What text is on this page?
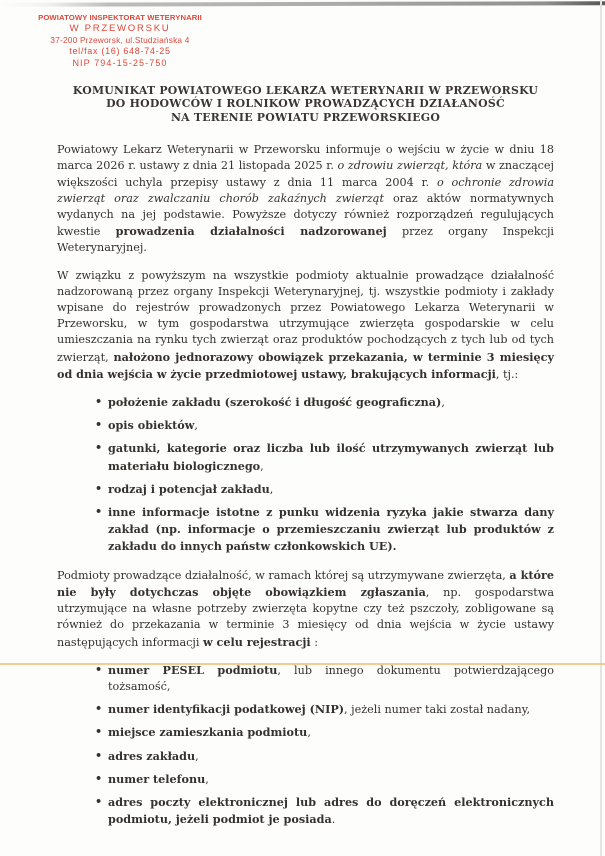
POWIATOWY INSPEKTORAT WETERYNARII
W PRZEWORSKU
37-200 Przeworsk, ul.Studziańska 4
tel/fax (16) 648-74-25
NIP 794-15-25-750
KOMUNIKAT POWIATOWEGO LEKARZA WETERYNARII W PRZEWORSKU
DO HODOWCÓW I ROLNIKOW PROWADZĄCYCH DZIAŁANOŚĆ
NA TERENIE POWIATU PRZEWORSKIEGO

Powiatowy Lekarz Weterynarii w Przeworsku informuje o wejściu w życie w dniu 18 marca 2026 r. ustawy z dnia 21 listopada 2025 r. o zdrowiu zwierząt, która w znaczącej większości uchyla przepisy ustawy z dnia 11 marca 2004 r. o ochronie zdrowia zwierząt oraz zwalczaniu chorób zakaźnych zwierząt oraz aktów normatywnych wydanych na jej podstawie. Powyższe dotyczy również rozporządzeń regulujących kwestie prowadzenia działalności nadzorowanej przez organy Inspekcji Weterynaryjnej.

W związku z powyższym na wszystkie podmioty aktualnie prowadzące działalność nadzorowaną przez organy Inspekcji Weterynaryjnej, tj. wszystkie podmioty i zakłady wpisane do rejestrów prowadzonych przez Powiatowego Lekarza Weterynarii w Przeworsku, w tym gospodarstwa utrzymujące zwierzęta gospodarskie w celu umieszczania na rynku tych zwierząt oraz produktów pochodzących z tych lub od tych zwierząt, nałożono jednorazowy obowiązek przekazania, w terminie 3 miesięcy od dnia wejścia w życie przedmiotowej ustawy, brakujących informacji, tj.:

• położenie zakładu (szerokość i długość geograficzna),
• opis obiektów,
• gatunki, kategorie oraz liczba lub ilość utrzymywanych zwierząt lub materiału biologicznego,
• rodzaj i potencjał zakładu,
• inne informacje istotne z punku widzenia ryzyka jakie stwarza dany zakład (np. informacje o przemieszczaniu zwierząt lub produktów z zakładu do innych państw członkowskich UE).

Podmioty prowadzące działalność, w ramach której są utrzymywane zwierzęta, a które nie były dotychczas objęte obowiązkiem zgłaszania, np. gospodarstwa utrzymujące na własne potrzeby zwierzęta kopytne czy też pszczoły, zobligowane są również do przekazania w terminie 3 miesięcy od dnia wejścia w życie ustawy następujących informacji w celu rejestracji :

• numer PESEL podmiotu, lub innego dokumentu potwierdzającego tożsamość,
• numer identyfikacji podatkowej (NIP), jeżeli numer taki został nadany,
• miejsce zamieszkania podmiotu,
• adres zakładu,
• numer telefonu,
• adres poczty elektronicznej lub adres do doręczeń elektronicznych podmiotu, jeżeli podmiot je posiada.
